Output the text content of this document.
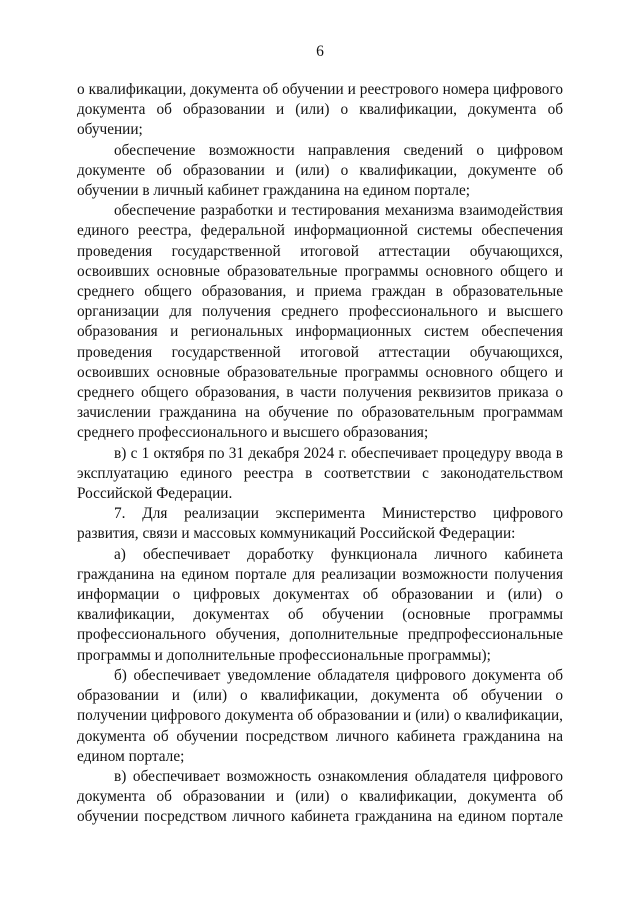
6

о квалификации, документа об обучении и реестрового номера цифрового документа об образовании и (или) о квалификации, документа об обучении;

обеспечение возможности направления сведений о цифровом документе об образовании и (или) о квалификации, документе об обучении в личный кабинет гражданина на едином портале;

обеспечение разработки и тестирования механизма взаимодействия единого реестра, федеральной информационной системы обеспечения проведения государственной итоговой аттестации обучающихся, освоивших основные образовательные программы основного общего и среднего общего образования, и приема граждан в образовательные организации для получения среднего профессионального и высшего образования и региональных информационных систем обеспечения проведения государственной итоговой аттестации обучающихся, освоивших основные образовательные программы основного общего и среднего общего образования, в части получения реквизитов приказа о зачислении гражданина на обучение по образовательным программам среднего профессионального и высшего образования;

в) с 1 октября по 31 декабря 2024 г. обеспечивает процедуру ввода в эксплуатацию единого реестра в соответствии с законодательством Российской Федерации.

7. Для реализации эксперимента Министерство цифрового развития, связи и массовых коммуникаций Российской Федерации:

а) обеспечивает доработку функционала личного кабинета гражданина на едином портале для реализации возможности получения информации о цифровых документах об образовании и (или) о квалификации, документах об обучении (основные программы профессионального обучения, дополнительные предпрофессиональные программы и дополнительные профессиональные программы);

б) обеспечивает уведомление обладателя цифрового документа об образовании и (или) о квалификации, документа об обучении о получении цифрового документа об образовании и (или) о квалификации, документа об обучении посредством личного кабинета гражданина на едином портале;

в) обеспечивает возможность ознакомления обладателя цифрового документа об образовании и (или) о квалификации, документа об обучении посредством личного кабинета гражданина на едином портале
